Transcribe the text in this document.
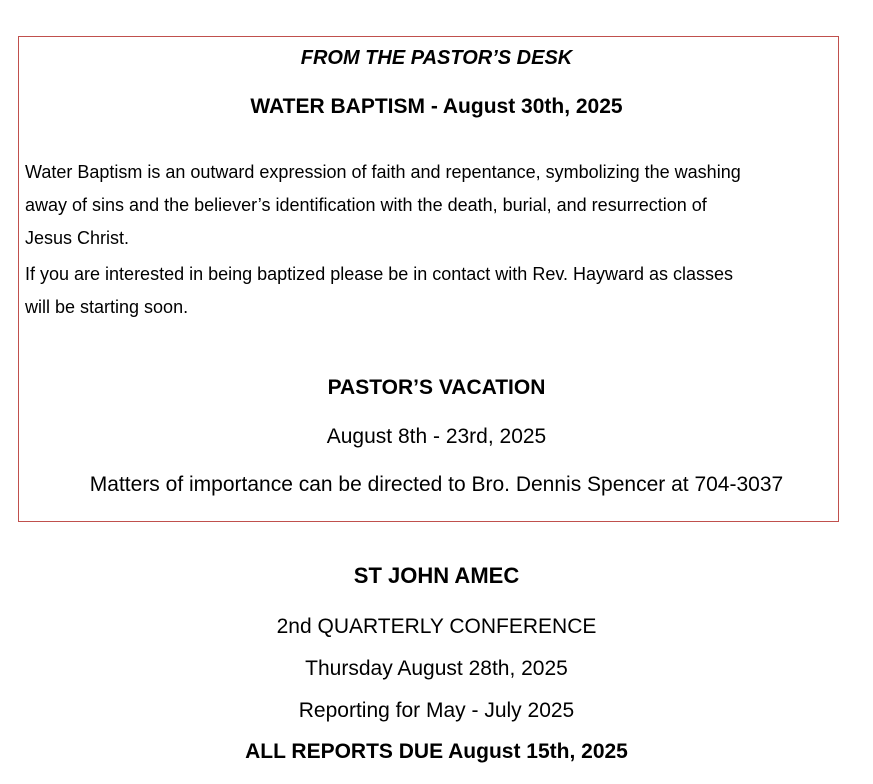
FROM THE PASTOR’S DESK
WATER BAPTISM - August 30th, 2025
Water Baptism is an outward expression of faith and repentance, symbolizing the washing
away of sins and the believer’s identification with the death, burial, and resurrection of
Jesus Christ.
If you are interested in being baptized please be in contact with Rev. Hayward as classes
will be starting soon.
PASTOR’S VACATION
August 8th - 23rd, 2025
Matters of importance can be directed to Bro. Dennis Spencer at 704-3037
ST JOHN AMEC
2nd QUARTERLY CONFERENCE
Thursday August 28th, 2025
Reporting for May - July 2025
ALL REPORTS DUE August 15th, 2025
